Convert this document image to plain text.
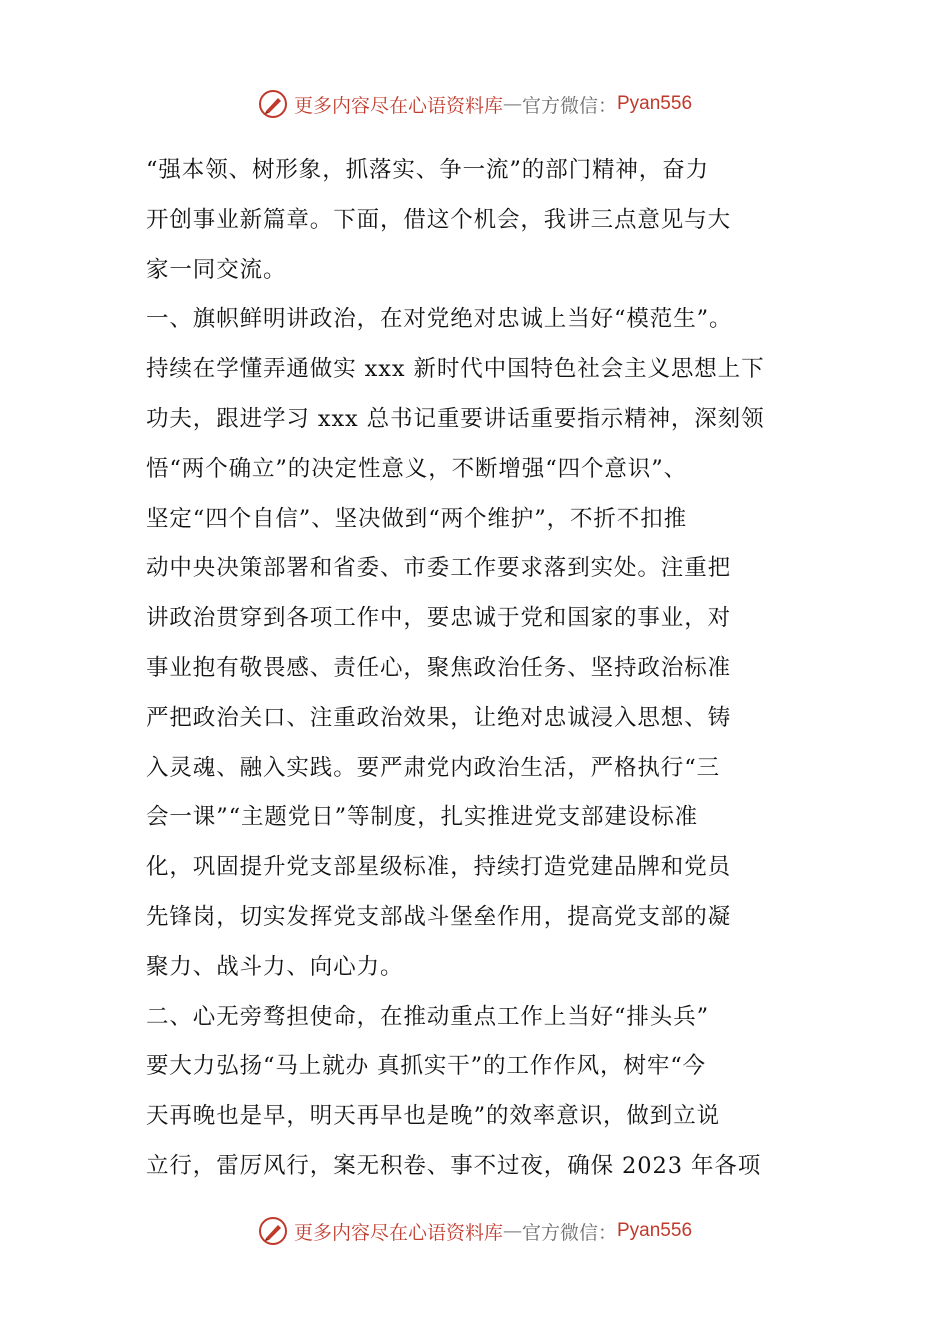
更多内容尽在心语资料库 — 官方微信： Pyan556
“强本领、树形象，抓落实、争一流”的部门精神，奋力
开创事业新篇章。下面，借这个机会，我讲三点意见与大
家一同交流。
一、旗帜鲜明讲政治，在对党绝对忠诚上当好“模范生”。
持续在学懂弄通做实 xxx 新时代中国特色社会主义思想上下
功夫，跟进学习 xxx 总书记重要讲话重要指示精神，深刻领
悟“两个确立”的决定性意义，不断增强“四个意识”、
坚定“四个自信”、坚决做到“两个维护”，不折不扣推
动中央决策部署和省委、市委工作要求落到实处。注重把
讲政治贯穿到各项工作中，要忠诚于党和国家的事业，对
事业抱有敬畏感、责任心，聚焦政治任务、坚持政治标准
严把政治关口、注重政治效果，让绝对忠诚浸入思想、铸
入灵魂、融入实践。要严肃党内政治生活，严格执行“三
会一课”“主题党日”等制度，扎实推进党支部建设标准
化，巩固提升党支部星级标准，持续打造党建品牌和党员
先锋岗，切实发挥党支部战斗堡垒作用，提高党支部的凝
聚力、战斗力、向心力。
二、心无旁骛担使命，在推动重点工作上当好“排头兵”
要大力弘扬“马上就办 真抓实干”的工作作风，树牢“今
天再晚也是早，明天再早也是晚”的效率意识，做到立说
立行，雷厉风行，案无积卷、事不过夜，确保 2023 年各项
更多内容尽在心语资料库 — 官方微信： Pyan556
